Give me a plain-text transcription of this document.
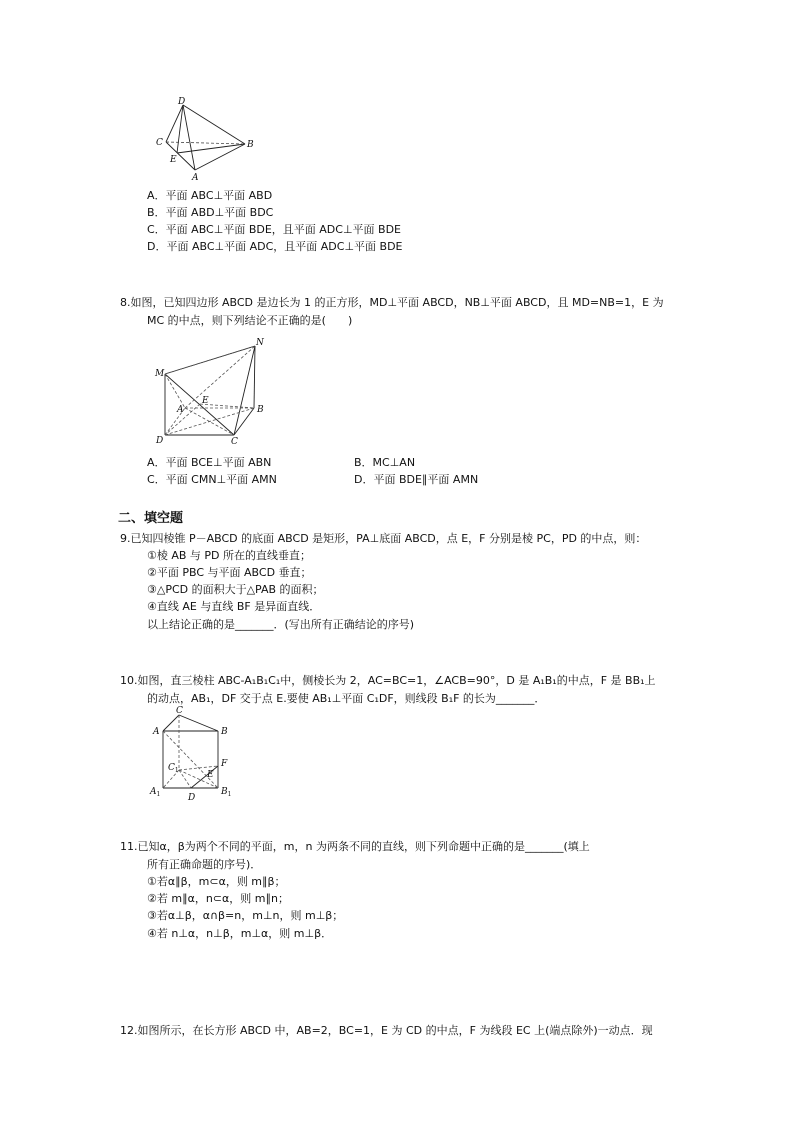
D
C
E
A
B
A．平面 ABC⊥平面 ABD
B．平面 ABD⊥平面 BDC
C．平面 ABC⊥平面 BDE，且平面 ADC⊥平面 BDE
D．平面 ABC⊥平面 ADC，且平面 ADC⊥平面 BDE
8.如图，已知四边形 ABCD 是边长为 1 的正方形，MD⊥平面 ABCD，NB⊥平面 ABCD，且 MD=NB=1，E 为
MC 的中点，则下列结论不正确的是(　　)
N
M
A
E
B
D	C
A．平面 BCE⊥平面 ABN	B．MC⊥AN
C．平面 CMN⊥平面 AMN	D．平面 BDE∥平面 AMN
二、填空题
9.已知四棱锥 P－ABCD 的底面 ABCD 是矩形，PA⊥底面 ABCD，点 E，F 分别是棱 PC，PD 的中点，则：
①棱 AB 与 PD 所在的直线垂直；
②平面 PBC 与平面 ABCD 垂直；
③△PCD 的面积大于△PAB 的面积；
④直线 AE 与直线 BF 是异面直线．
以上结论正确的是_______．(写出所有正确结论的序号)
10.如图，直三棱柱 ABC-A₁B₁C₁中，侧棱长为 2，AC=BC=1，∠ACB=90°，D 是 A₁B₁的中点，F 是 BB₁上
的动点，AB₁，DF 交于点 E.要使 AB₁⊥平面 C₁DF，则线段 B₁F 的长为_______．
C
A	B
$C_1$
F
E
$A_1$	D
$B_1$
11.已知α，β为两个不同的平面，m，n 为两条不同的直线，则下列命题中正确的是_______(填上
所有正确命题的序号)．
①若α∥β，m⊂α，则 m∥β；
②若 m∥α，n⊂α，则 m∥n；
③若α⊥β，α∩β=n，m⊥n，则 m⊥β；
④若 n⊥α，n⊥β，m⊥α，则 m⊥β．
12.如图所示，在长方形 ABCD 中，AB=2，BC=1，E 为 CD 的中点，F 为线段 EC 上(端点除外)一动点．现
